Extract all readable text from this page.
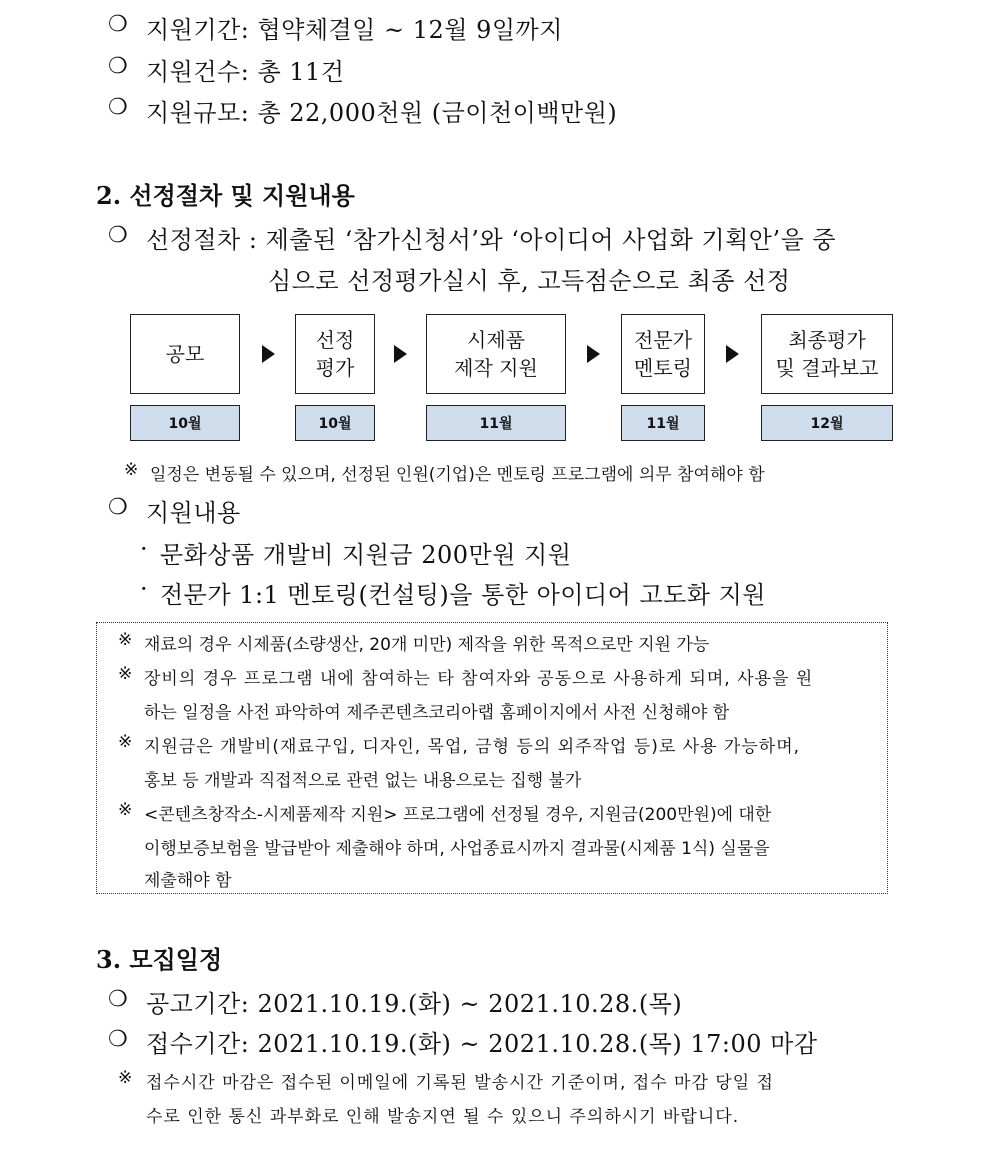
❍ 지원기간: 협약체결일 ~ 12월 9일까지
❍ 지원건수: 총 11건
❍ 지원규모: 총 22,000천원 (금이천이백만원)
2. 선정절차 및 지원내용
❍ 선정절차 : 제출된 ‘참가신청서’와 ‘아이디어 사업화 기획안’을 중
심으로 선정평가실시 후, 고득점순으로 최종 선정
공모
선정
평가
시제품
제작 지원
전문가
멘토링
최종평가
및 결과보고
10월	10월	11월	11월	12월
※ 일정은 변동될 수 있으며, 선정된 인원(기업)은 멘토링 프로그램에 의무 참여해야 함
❍ 지원내용
· 문화상품 개발비 지원금 200만원 지원
· 전문가 1:1 멘토링(컨설팅)을 통한 아이디어 고도화 지원
※ 재료의 경우 시제품(소량생산, 20개 미만) 제작을 위한 목적으로만 지원 가능
※ 장비의 경우 프로그램 내에 참여하는 타 참여자와 공동으로 사용하게 되며, 사용을 원
하는 일정을 사전 파악하여 제주콘텐츠코리아랩 홈페이지에서 사전 신청해야 함
※ 지원금은 개발비(재료구입, 디자인, 목업, 금형 등의 외주작업 등)로 사용 가능하며,
홍보 등 개발과 직접적으로 관련 없는 내용으로는 집행 불가
※ <콘텐츠창작소-시제품제작 지원> 프로그램에 선정될 경우, 지원금(200만원)에 대한
이행보증보험을 발급받아 제출해야 하며, 사업종료시까지 결과물(시제품 1식) 실물을
제출해야 함
3. 모집일정
❍ 공고기간: 2021.10.19.(화) ~ 2021.10.28.(목)
❍ 접수기간: 2021.10.19.(화) ~ 2021.10.28.(목) 17:00 마감
※ 접수시간 마감은 접수된 이메일에 기록된 발송시간 기준이며, 접수 마감 당일 접
수로 인한 통신 과부화로 인해 발송지연 될 수 있으니 주의하시기 바랍니다.
